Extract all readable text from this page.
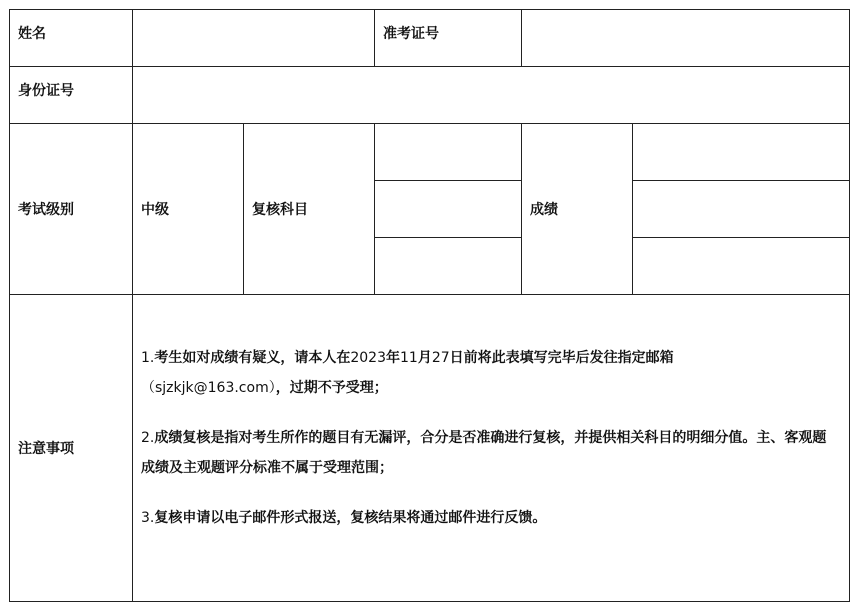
姓名			准考证号		
身份证号					
考试级别	中级	复核科目		成绩	

注意事项	1.考生如对成绩有疑义，请本人在2023年11月27日前将此表填写完毕后发往指定邮箱
（sjzkjk@163.com），过期不予受理；
2.成绩复核是指对考生所作的题目有无漏评，合分是否准确进行复核，并提供相关科目的明细分值。主、客观题成绩及主观题评分标准不属于受理范围；
3.复核申请以电子邮件形式报送，复核结果将通过邮件进行反馈。				
